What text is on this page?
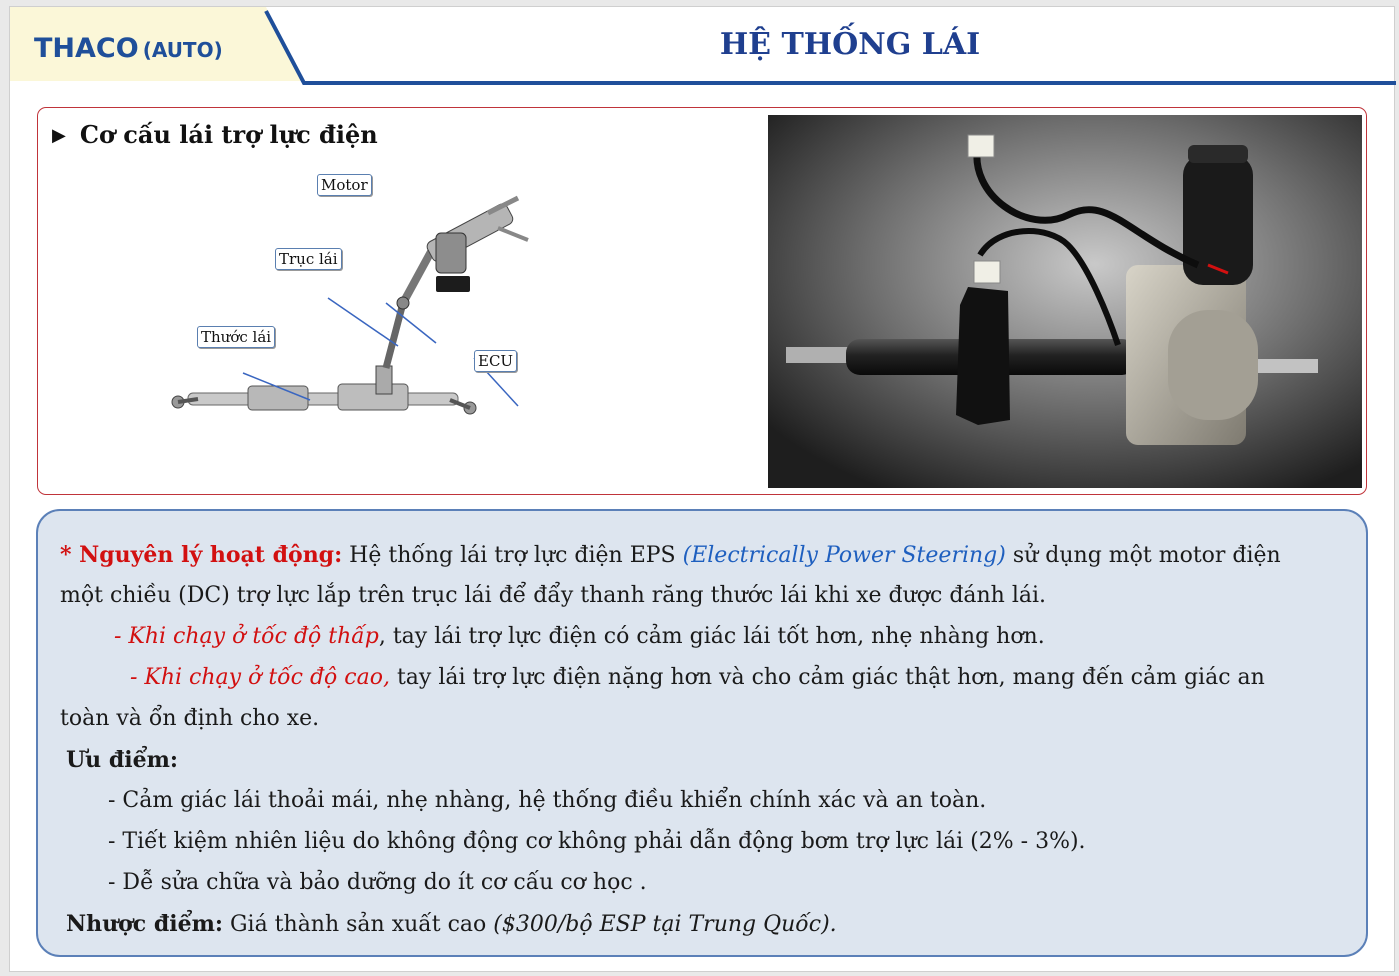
THACO (AUTO)	HỆ THỐNG LÁI
▶ Cơ cấu lái trợ lực điện
Motor
Trục lái
Thước lái
ECU
* Nguyên lý hoạt động: Hệ thống lái trợ lực điện EPS (Electrically Power Steering) sử dụng một motor điện
một chiều (DC) trợ lực lắp trên trục lái để đẩy thanh răng thước lái khi xe được đánh lái.
- Khi chạy ở tốc độ thấp, tay lái trợ lực điện có cảm giác lái tốt hơn, nhẹ nhàng hơn.
- Khi chạy ở tốc độ cao, tay lái trợ lực điện nặng hơn và cho cảm giác thật hơn, mang đến cảm giác an
toàn và ổn định cho xe.
Ưu điểm:
- Cảm giác lái thoải mái, nhẹ nhàng, hệ thống điều khiển chính xác và an toàn.
- Tiết kiệm nhiên liệu do không động cơ không phải dẫn động bơm trợ lực lái (2% - 3%).
- Dễ sửa chữa và bảo dưỡng do ít cơ cấu cơ học .
Nhược điểm: Giá thành sản xuất cao ($300/bộ ESP tại Trung Quốc).
